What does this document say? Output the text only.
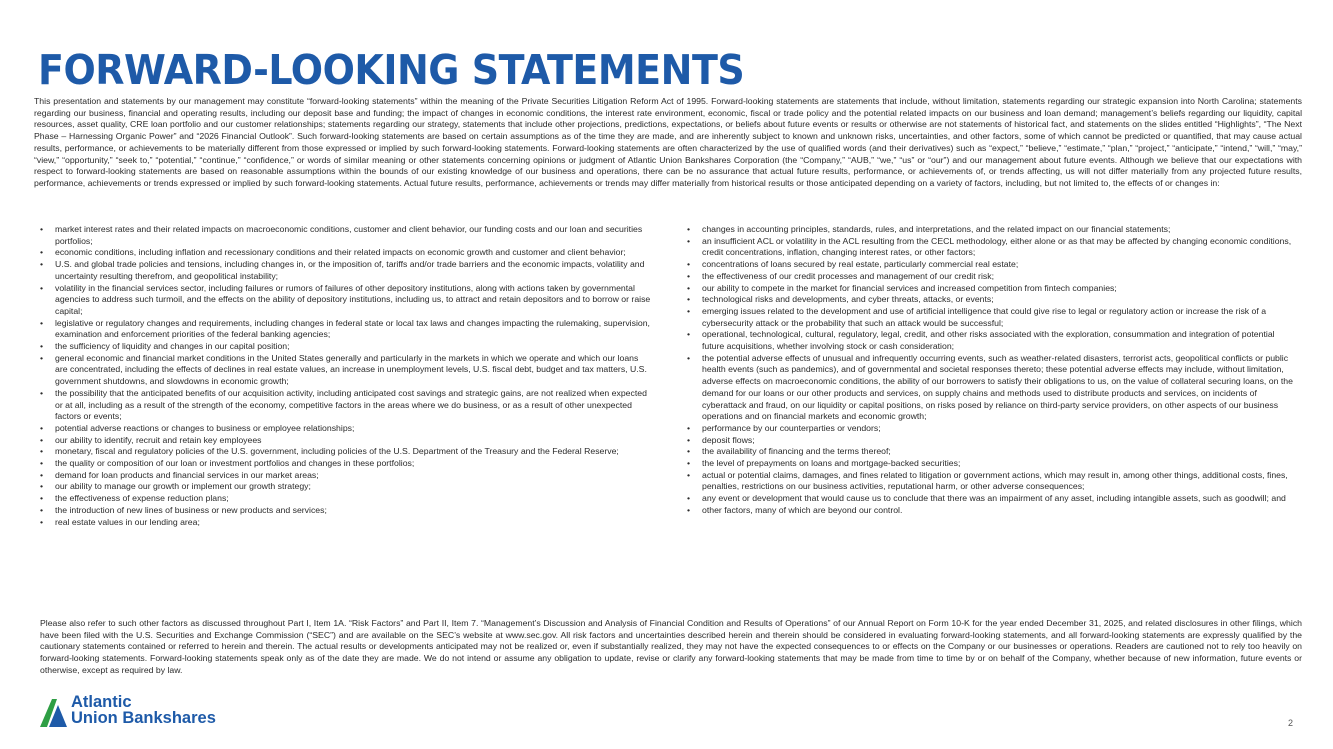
FORWARD-LOOKING STATEMENTS

This presentation and statements by our management may constitute “forward-looking statements” within the meaning of the Private Securities Litigation Reform Act of 1995. Forward-looking statements are statements that include, without limitation, statements regarding our strategic expansion into North Carolina; statements regarding our business, financial and operating results, including our deposit base and funding; the impact of changes in economic conditions, the interest rate environment, economic, fiscal or trade policy and the potential related impacts on our business and loan demand; management’s beliefs regarding our liquidity, capital resources, asset quality, CRE loan portfolio and our customer relationships; statements regarding our strategy, statements that include other projections, predictions, expectations, or beliefs about future events or results or otherwise are not statements of historical fact, and statements on the slides entitled “Highlights”, “The Next Phase – Harnessing Organic Power” and “2026 Financial Outlook”. Such forward-looking statements are based on certain assumptions as of the time they are made, and are inherently subject to known and unknown risks, uncertainties, and other factors, some of which cannot be predicted or quantified, that may cause actual results, performance, or achievements to be materially different from those expressed or implied by such forward-looking statements. Forward-looking statements are often characterized by the use of qualified words (and their derivatives) such as “expect,” “believe,” “estimate,” “plan,” “project,” “anticipate,” “intend,” “will,” “may,” “view,” “opportunity,” “seek to,” “potential,” “continue,” “confidence,” or words of similar meaning or other statements concerning opinions or judgment of Atlantic Union Bankshares Corporation (the “Company,” “AUB,” “we,” “us” or “our”) and our management about future events. Although we believe that our expectations with respect to forward-looking statements are based on reasonable assumptions within the bounds of our existing knowledge of our business and operations, there can be no assurance that actual future results, performance, or achievements of, or trends affecting, us will not differ materially from any projected future results, performance, achievements or trends expressed or implied by such forward-looking statements. Actual future results, performance, achievements or trends may differ materially from historical results or those anticipated depending on a variety of factors, including, but not limited to, the effects of or changes in:

• market interest rates and their related impacts on macroeconomic conditions, customer and client behavior, our funding costs and our loan and securities portfolios;
• economic conditions, including inflation and recessionary conditions and their related impacts on economic growth and customer and client behavior;
• U.S. and global trade policies and tensions, including changes in, or the imposition of, tariffs and/or trade barriers and the economic impacts, volatility and uncertainty resulting therefrom, and geopolitical instability;
• volatility in the financial services sector, including failures or rumors of failures of other depository institutions, along with actions taken by governmental agencies to address such turmoil, and the effects on the ability of depository institutions, including us, to attract and retain depositors and to borrow or raise capital;
• legislative or regulatory changes and requirements, including changes in federal state or local tax laws and changes impacting the rulemaking, supervision, examination and enforcement priorities of the federal banking agencies;
• the sufficiency of liquidity and changes in our capital position;
• general economic and financial market conditions in the United States generally and particularly in the markets in which we operate and which our loans are concentrated, including the effects of declines in real estate values, an increase in unemployment levels, U.S. fiscal debt, budget and tax matters, U.S. government shutdowns, and slowdowns in economic growth;
• the possibility that the anticipated benefits of our acquisition activity, including anticipated cost savings and strategic gains, are not realized when expected or at all, including as a result of the strength of the economy, competitive factors in the areas where we do business, or as a result of other unexpected factors or events;
• potential adverse reactions or changes to business or employee relationships;
• our ability to identify, recruit and retain key employees
• monetary, fiscal and regulatory policies of the U.S. government, including policies of the U.S. Department of the Treasury and the Federal Reserve;
• the quality or composition of our loan or investment portfolios and changes in these portfolios;
• demand for loan products and financial services in our market areas;
• our ability to manage our growth or implement our growth strategy;
• the effectiveness of expense reduction plans;
• the introduction of new lines of business or new products and services;
• real estate values in our lending area;
• changes in accounting principles, standards, rules, and interpretations, and the related impact on our financial statements;
• an insufficient ACL or volatility in the ACL resulting from the CECL methodology, either alone or as that may be affected by changing economic conditions, credit concentrations, inflation, changing interest rates, or other factors;
• concentrations of loans secured by real estate, particularly commercial real estate;
• the effectiveness of our credit processes and management of our credit risk;
• our ability to compete in the market for financial services and increased competition from fintech companies;
• technological risks and developments, and cyber threats, attacks, or events;
• emerging issues related to the development and use of artificial intelligence that could give rise to legal or regulatory action or increase the risk of a cybersecurity attack or the probability that such an attack would be successful;
• operational, technological, cultural, regulatory, legal, credit, and other risks associated with the exploration, consummation and integration of potential future acquisitions, whether involving stock or cash consideration;
• the potential adverse effects of unusual and infrequently occurring events, such as weather-related disasters, terrorist acts, geopolitical conflicts or public health events (such as pandemics), and of governmental and societal responses thereto; these potential adverse effects may include, without limitation, adverse effects on macroeconomic conditions, the ability of our borrowers to satisfy their obligations to us, on the value of collateral securing loans, on the demand for our loans or our other products and services, on supply chains and methods used to distribute products and services, on incidents of cyberattack and fraud, on our liquidity or capital positions, on risks posed by reliance on third-party service providers, on other aspects of our business operations and on financial markets and economic growth;
• performance by our counterparties or vendors;
• deposit flows;
• the availability of financing and the terms thereof;
• the level of prepayments on loans and mortgage-backed securities;
• actual or potential claims, damages, and fines related to litigation or government actions, which may result in, among other things, additional costs, fines, penalties, restrictions on our business activities, reputational harm, or other adverse consequences;
• any event or development that would cause us to conclude that there was an impairment of any asset, including intangible assets, such as goodwill; and
• other factors, many of which are beyond our control.

Please also refer to such other factors as discussed throughout Part I, Item 1A. “Risk Factors” and Part II, Item 7. “Management’s Discussion and Analysis of Financial Condition and Results of Operations” of our Annual Report on Form 10-K for the year ended December 31, 2025, and related disclosures in other filings, which have been filed with the U.S. Securities and Exchange Commission (“SEC”) and are available on the SEC’s website at www.sec.gov. All risk factors and uncertainties described herein and therein should be considered in evaluating forward-looking statements, and all forward-looking statements are expressly qualified by the cautionary statements contained or referred to herein and therein. The actual results or developments anticipated may not be realized or, even if substantially realized, they may not have the expected consequences to or effects on the Company or our businesses or operations. Readers are cautioned not to rely too heavily on forward-looking statements. Forward-looking statements speak only as of the date they are made. We do not intend or assume any obligation to update, revise or clarify any forward-looking statements that may be made from time to time by or on behalf of the Company, whether because of new information, future events or otherwise, except as required by law.

Atlantic
Union Bankshares	2
